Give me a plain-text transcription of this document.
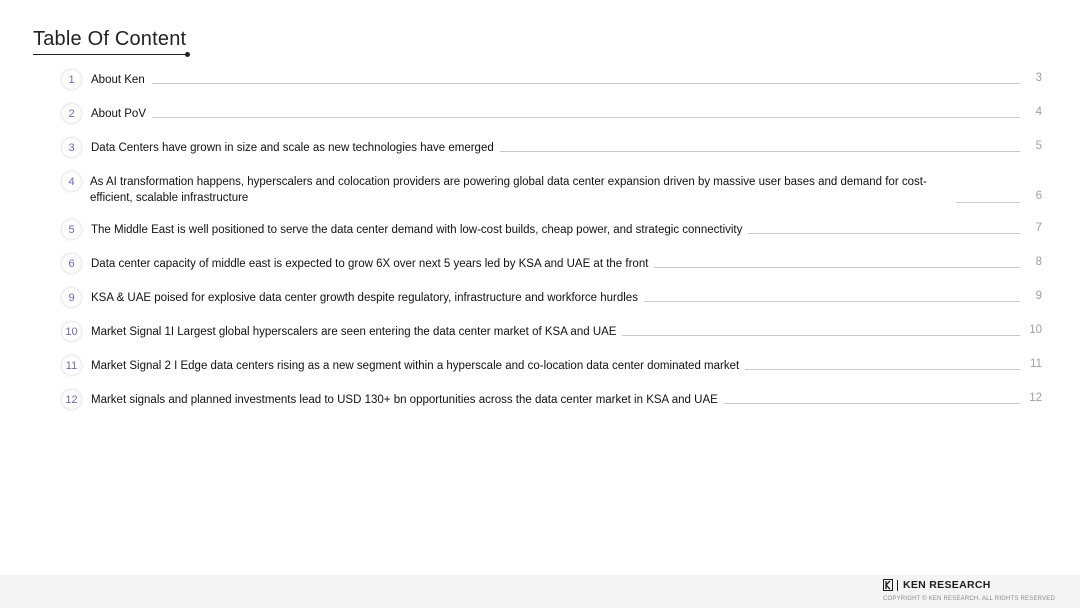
Table Of Content
1	About Ken	3
2	About PoV	4
3	Data Centers have grown in size and scale as new technologies have emerged	5
4	As AI transformation happens, hyperscalers and colocation providers are powering global data center expansion driven by massive user bases and demand for cost-efficient, scalable infrastructure	6
5	The Middle East is well positioned to serve the data center demand with low-cost builds, cheap power, and strategic connectivity	7
6	Data center capacity of middle east is expected to grow 6X over next 5 years led by KSA and UAE at the front	8
9	KSA & UAE poised for explosive data center growth despite regulatory, infrastructure and workforce hurdles	9
10 Market Signal 1I Largest global hyperscalers are seen entering the data center market of KSA and UAE	10
11	Market Signal 2 I Edge data centers rising as a new segment within a hyperscale and co-location data center dominated market	11
12 Market signals and planned investments lead to USD 130+ bn opportunities across the data center market in KSA and UAE	12
KEN RESEARCH
COPYRIGHT © KEN RESEARCH. ALL RIGHTS RESERVED
